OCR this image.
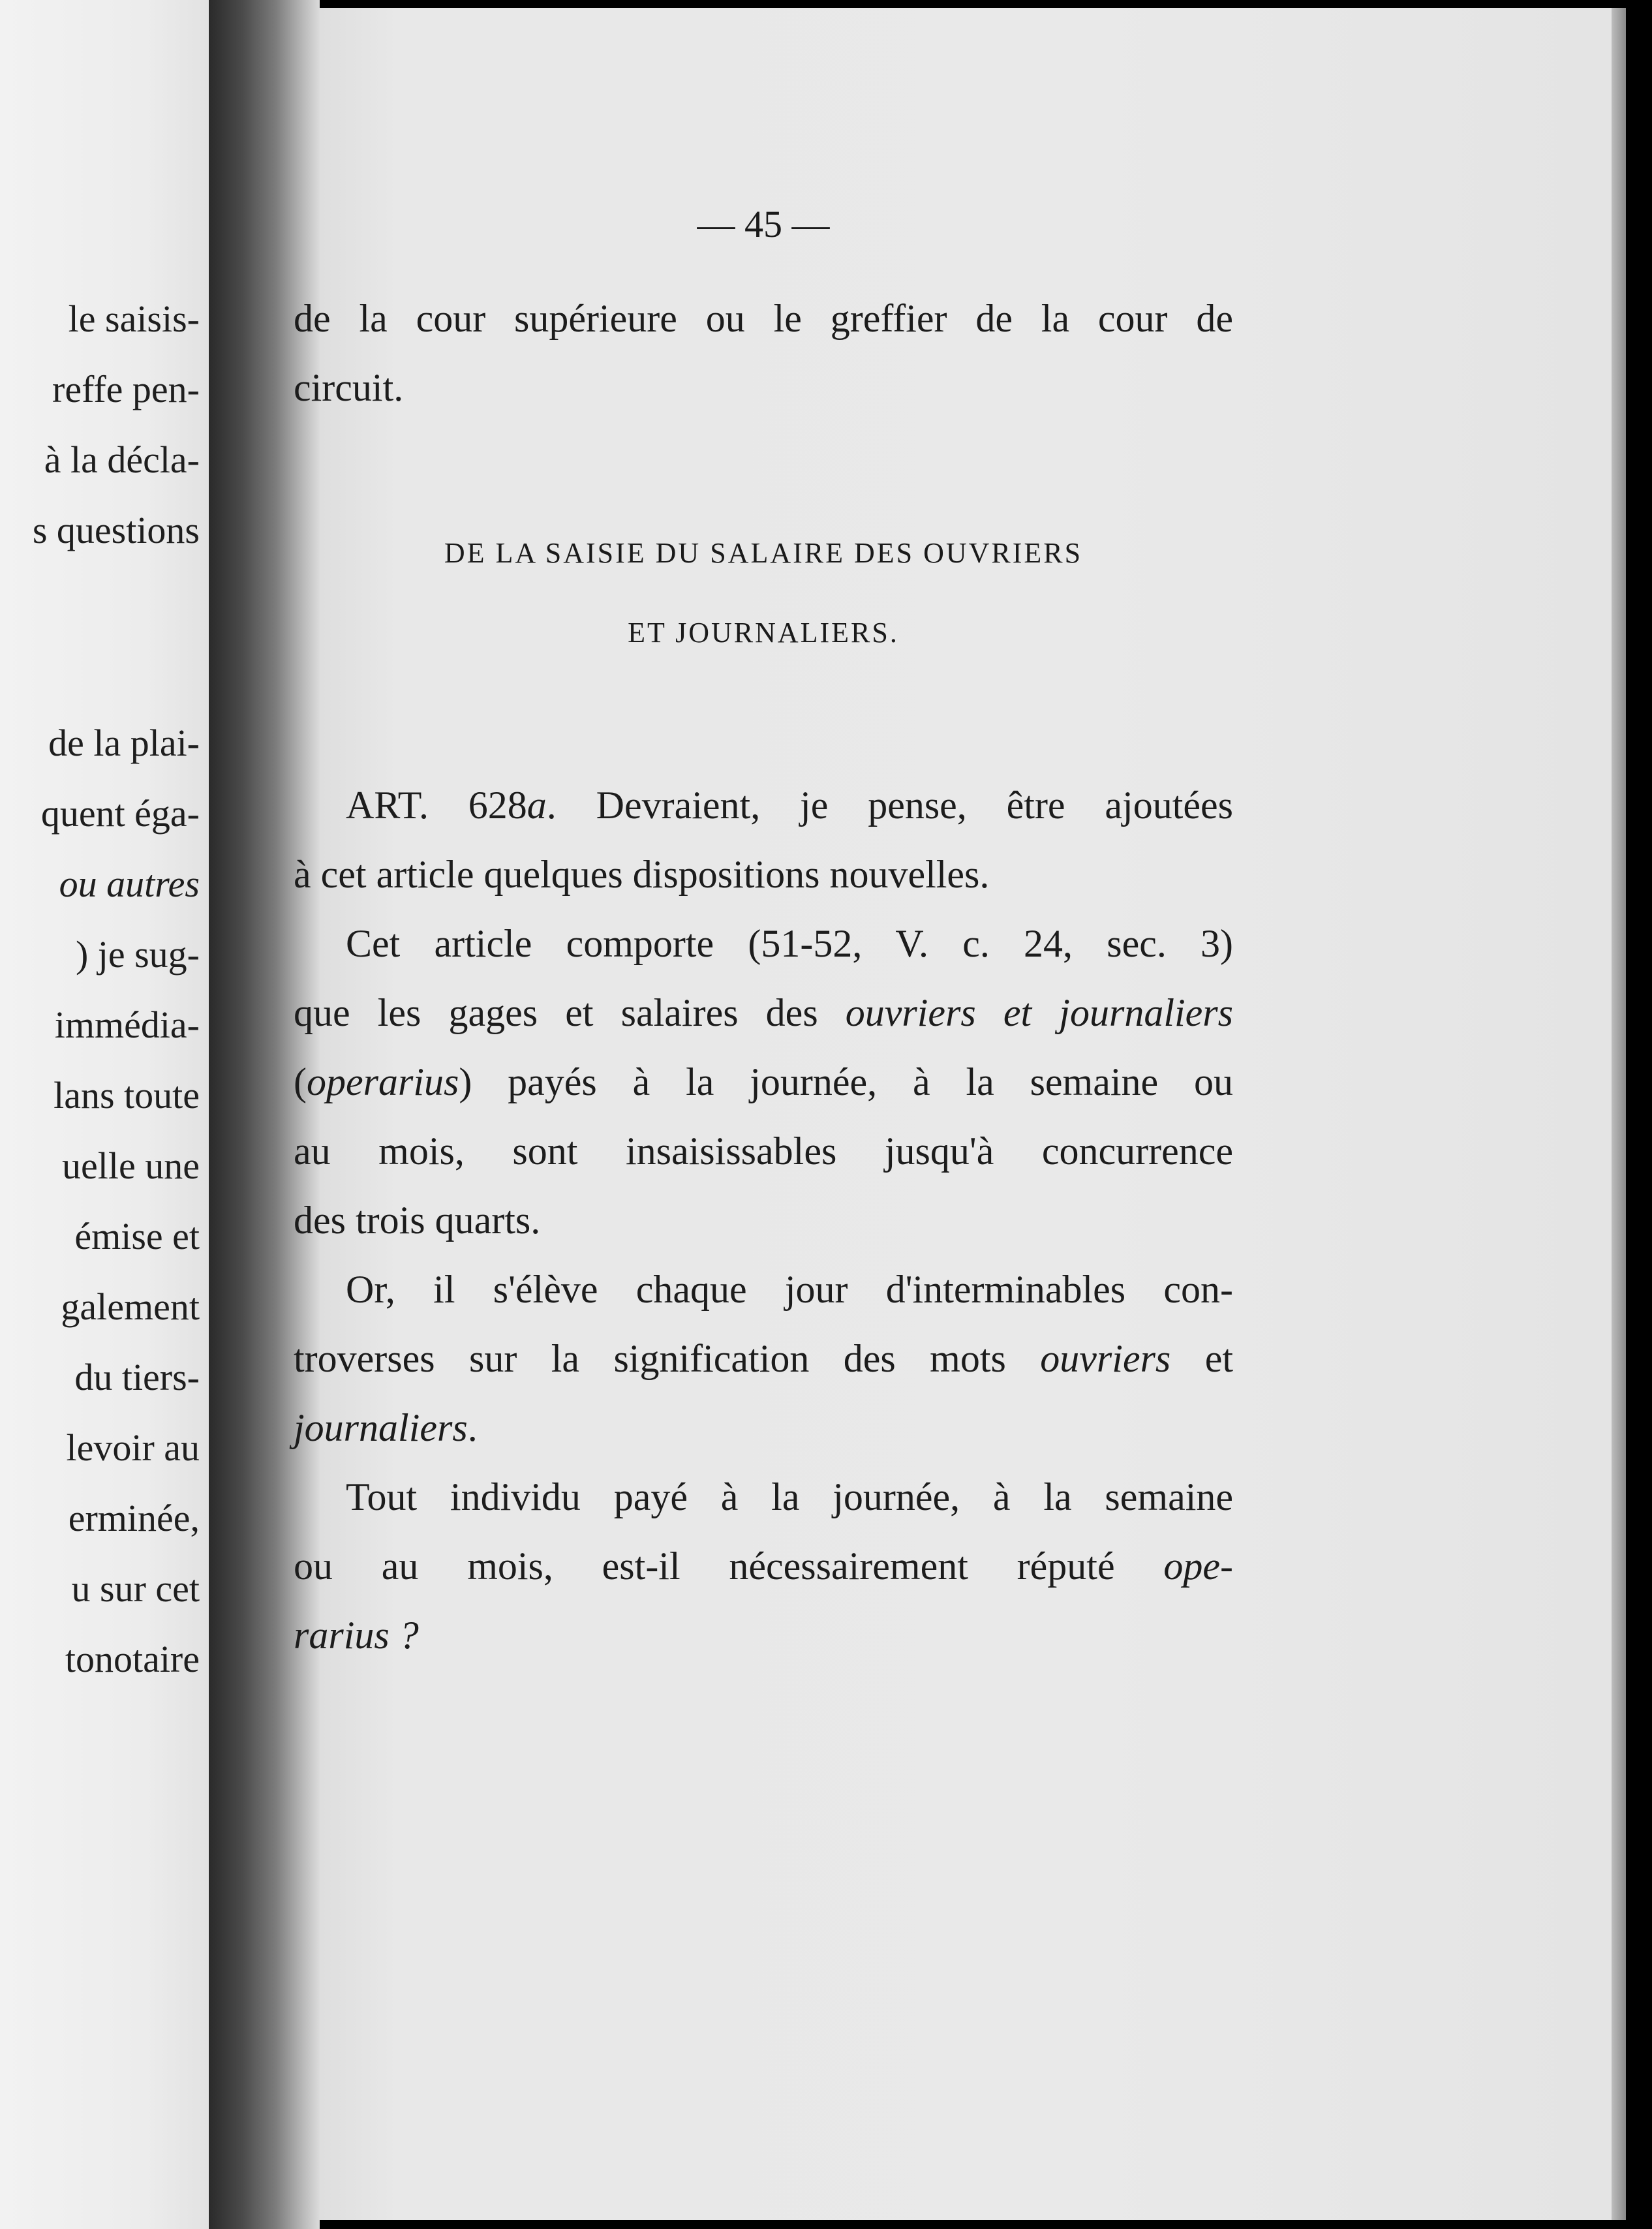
le saisis-
reffe pen-
à la décla-
s questions
de la plai-
quent éga-
ou autres
) je sug-
immédia-
lans toute
uelle une
émise et
galement
du tiers-
levoir au
erminée,
u sur cet
tonotaire
— 45 —
de la cour supérieure ou le greffier de la cour de
circuit.
DE LA SAISIE DU SALAIRE DES OUVRIERS
ET JOURNALIERS.
ART. 628a. Devraient, je pense, être ajoutées
à cet article quelques dispositions nouvelles.
Cet article comporte (51-52, V. c. 24, sec. 3)
que les gages et salaires des ouvriers et journaliers
(operarius) payés à la journée, à la semaine ou
au mois, sont insaisissables jusqu'à concurrence
des trois quarts.
Or, il s'élève chaque jour d'interminables con-
troverses sur la signification des mots ouvriers et
journaliers.
Tout individu payé à la journée, à la semaine
ou au mois, est-il nécessairement réputé ope-
rarius ?
